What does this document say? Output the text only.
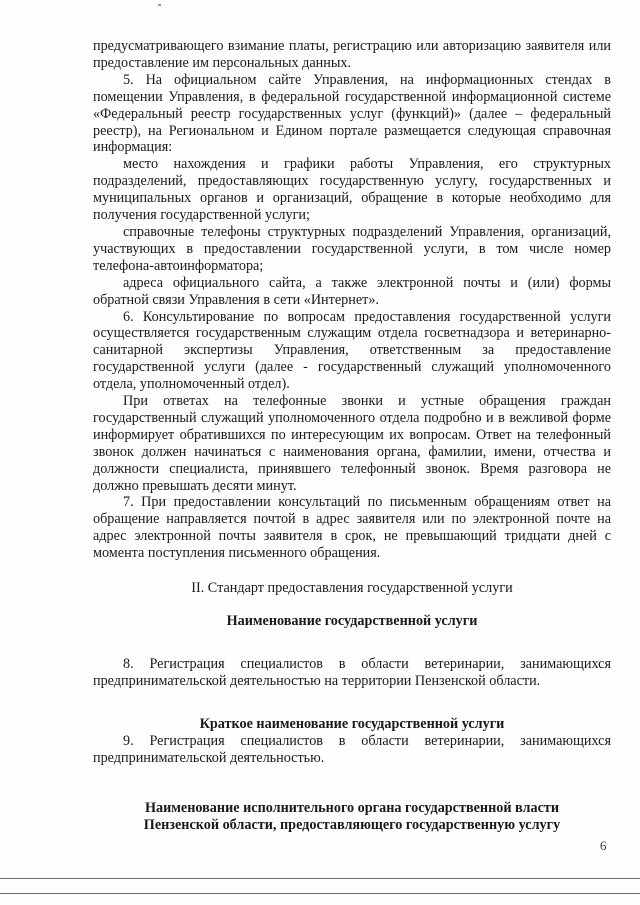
предусматривающего взимание платы, регистрацию или авторизацию заявителя или предоставление им персональных данных.

5. На официальном сайте Управления, на информационных стендах в помещении Управления, в федеральной государственной информационной системе «Федеральный реестр государственных услуг (функций)» (далее – федеральный реестр), на Региональном и Едином портале размещается следующая справочная информация:

место нахождения и графики работы Управления, его структурных подразделений, предоставляющих государственную услугу, государственных и муниципальных органов и организаций, обращение в которые необходимо для получения государственной услуги;

справочные телефоны структурных подразделений Управления, организаций, участвующих в предоставлении государственной услуги, в том числе номер телефона-автоинформатора;

адреса официального сайта, а также электронной почты и (или) формы обратной связи Управления в сети «Интернет».

6. Консультирование по вопросам предоставления государственной услуги осуществляется государственным служащим отдела госветнадзора и ветеринарно-санитарной экспертизы Управления, ответственным за предоставление государственной услуги (далее - государственный служащий уполномоченного отдела, уполномоченный отдел).

При ответах на телефонные звонки и устные обращения граждан государственный служащий уполномоченного отдела подробно и в вежливой форме информирует обратившихся по интересующим их вопросам. Ответ на телефонный звонок должен начинаться с наименования органа, фамилии, имени, отчества и должности специалиста, принявшего телефонный звонок. Время разговора не должно превышать десяти минут.

7. При предоставлении консультаций по письменным обращениям ответ на обращение направляется почтой в адрес заявителя или по электронной почте на адрес электронной почты заявителя в срок, не превышающий тридцати дней с момента поступления письменного обращения.

II. Стандарт предоставления государственной услуги

Наименование государственной услуги

8. Регистрация специалистов в области ветеринарии, занимающихся предпринимательской деятельностью на территории Пензенской области.

Краткое наименование государственной услуги

9. Регистрация специалистов в области ветеринарии, занимающихся предпринимательской деятельностью.

Наименование исполнительного органа государственной власти

Пензенской области, предоставляющего государственную услугу

6
